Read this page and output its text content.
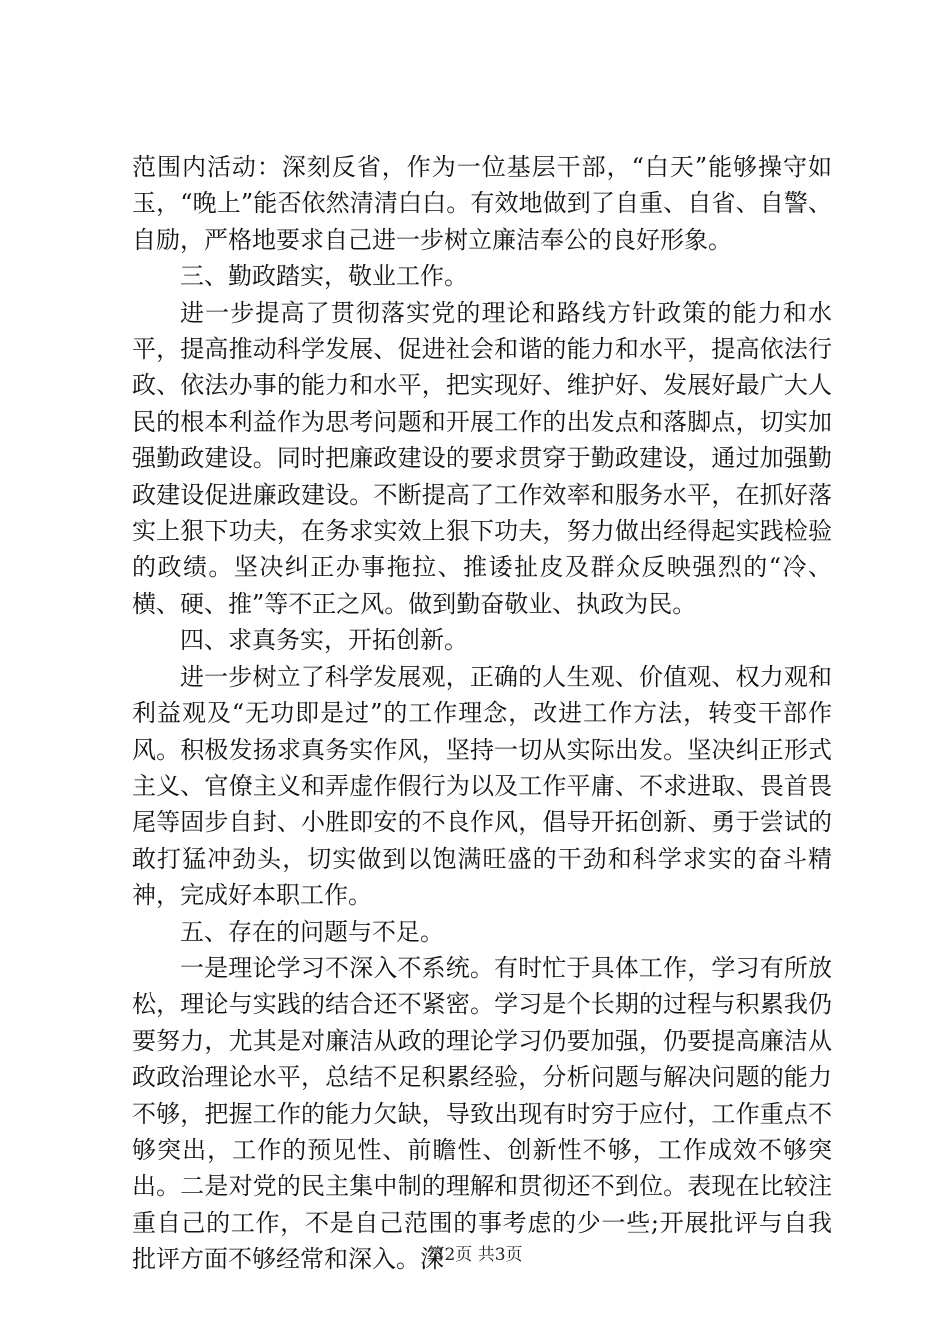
范围内活动：深刻反省，作为一位基层干部，“白天”能够操守如玉，“晚上”能否依然清清白白。有效地做到了自重、自省、自警、自励，严格地要求自己进一步树立廉洁奉公的良好形象。

三、勤政踏实，敬业工作。

进一步提高了贯彻落实党的理论和路线方针政策的能力和水平，提高推动科学发展、促进社会和谐的能力和水平，提高依法行政、依法办事的能力和水平，把实现好、维护好、发展好最广大人民的根本利益作为思考问题和开展工作的出发点和落脚点，切实加强勤政建设。同时把廉政建设的要求贯穿于勤政建设，通过加强勤政建设促进廉政建设。不断提高了工作效率和服务水平，在抓好落实上狠下功夫，在务求实效上狠下功夫，努力做出经得起实践检验的政绩。坚决纠正办事拖拉、推诿扯皮及群众反映强烈的“冷、横、硬、推”等不正之风。做到勤奋敬业、执政为民。

四、求真务实，开拓创新。

进一步树立了科学发展观，正确的人生观、价值观、权力观和利益观及“无功即是过”的工作理念，改进工作方法，转变干部作风。积极发扬求真务实作风，坚持一切从实际出发。坚决纠正形式主义、官僚主义和弄虚作假行为以及工作平庸、不求进取、畏首畏尾等固步自封、小胜即安的不良作风，倡导开拓创新、勇于尝试的敢打猛冲劲头，切实做到以饱满旺盛的干劲和科学求实的奋斗精神，完成好本职工作。

五、存在的问题与不足。

一是理论学习不深入不系统。有时忙于具体工作，学习有所放松，理论与实践的结合还不紧密。学习是个长期的过程与积累我仍要努力，尤其是对廉洁从政的理论学习仍要加强，仍要提高廉洁从政政治理论水平，总结不足积累经验，分析问题与解决问题的能力不够，把握工作的能力欠缺，导致出现有时穷于应付，工作重点不够突出，工作的预见性、前瞻性、创新性不够，工作成效不够突出。二是对党的民主集中制的理解和贯彻还不到位。表现在比较注重自己的工作，不是自己范围的事考虑的少一些;开展批评与自我批评方面不够经常和深入。深

第2页 共3页
